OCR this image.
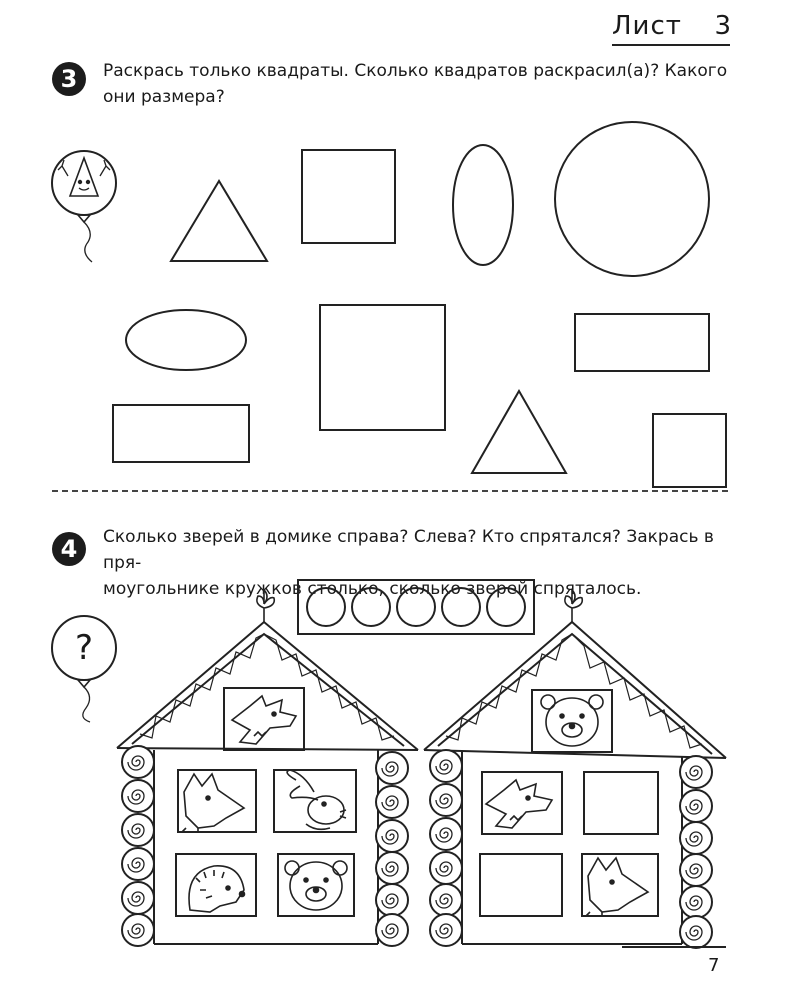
Лист 3
3	Раскрась только квадраты. Сколько квадратов раскрасил(а)? Какого
они размера?
4	Сколько зверей в домике справа? Слева? Кто спрятался? Закрась в пря-
моугольнике кружков столько, сколько зверей спряталось.
?
7
